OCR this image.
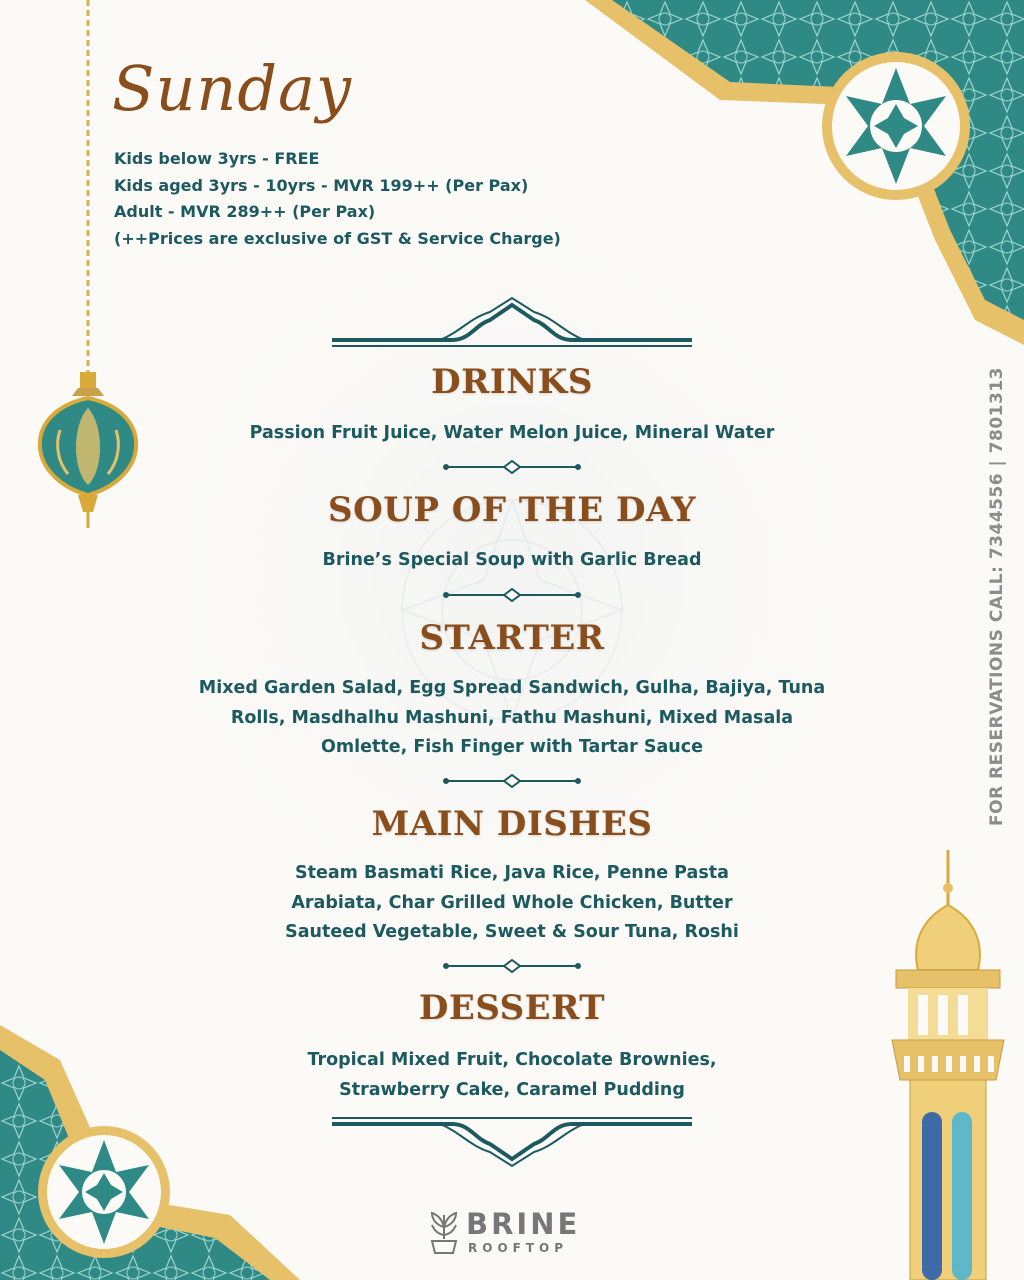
Sunday
Kids below 3yrs - FREE
Kids aged 3yrs - 10yrs - MVR 199++ (Per Pax)
Adult - MVR 289++ (Per Pax)
(++Prices are exclusive of GST & Service Charge)
DRINKS
Passion Fruit Juice, Water Melon Juice, Mineral Water
SOUP OF THE DAY
Brine’s Special Soup with Garlic Bread
STARTER
Mixed Garden Salad, Egg Spread Sandwich, Gulha, Bajiya, Tuna
Rolls, Masdhalhu Mashuni, Fathu Mashuni, Mixed Masala
Omlette, Fish Finger with Tartar Sauce
MAIN DISHES
Steam Basmati Rice, Java Rice, Penne Pasta
Arabiata, Char Grilled Whole Chicken, Butter
Sauteed Vegetable, Sweet & Sour Tuna, Roshi
DESSERT
Tropical Mixed Fruit, Chocolate Brownies,
Strawberry Cake, Caramel Pudding
FOR RESERVATIONS CALL: 7344556 | 7801313
BRINE
ROOFTOP
